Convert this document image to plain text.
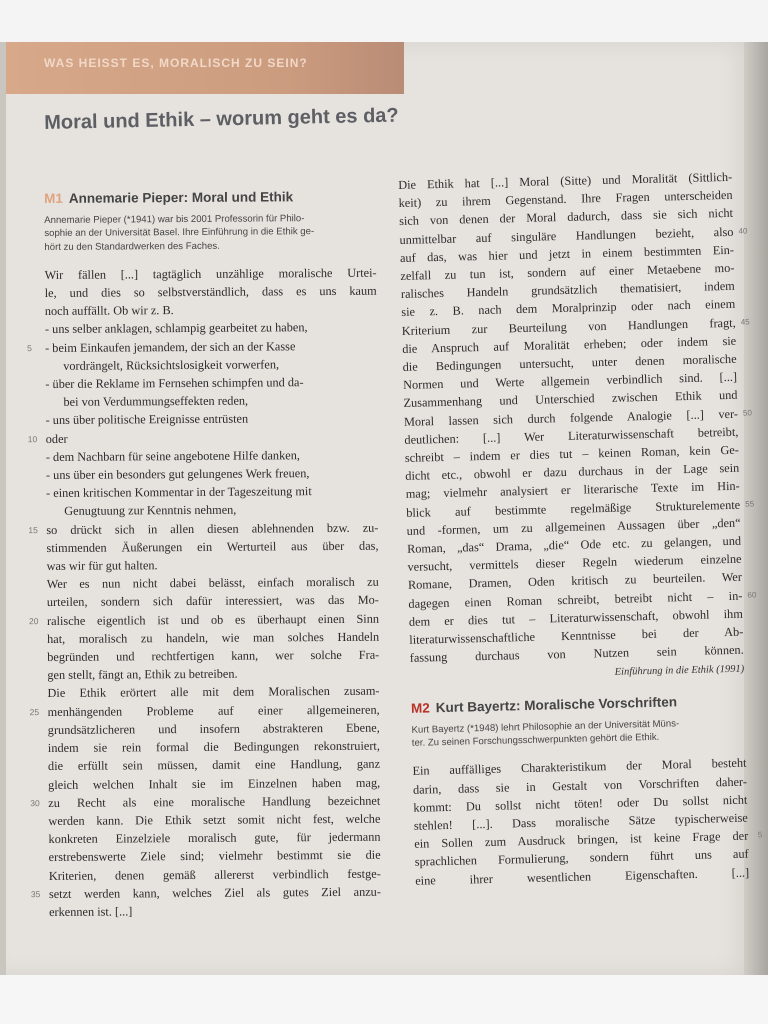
WAS HEISST ES, MORALISCH ZU SEIN?
Moral und Ethik – worum geht es da?
M1 Annemarie Pieper: Moral und Ethik
Annemarie Pieper (*1941) war bis 2001 Professorin für Philo-
sophie an der Universität Basel. Ihre Einführung in die Ethik ge-
hört zu den Standardwerken des Faches.
Wir fällen [...] tagtäglich unzählige moralische Urtei-
le, und dies so selbstverständlich, dass es uns kaum
noch auffällt. Ob wir z. B.
- uns selber anklagen, schlampig gearbeitet zu haben,
- beim Einkaufen jemandem, der sich an der Kasse
5
vordrängelt, Rücksichtslosigkeit vorwerfen,
- über die Reklame im Fernsehen schimpfen und da-
bei von Verdummungseffekten reden,
- uns über politische Ereignisse entrüsten
oder
10
- dem Nachbarn für seine angebotene Hilfe danken,
- uns über ein besonders gut gelungenes Werk freuen,
- einen kritischen Kommentar in der Tageszeitung mit
Genugtuung zur Kenntnis nehmen,
so drückt sich in allen diesen ablehnenden bzw. zu-
15
stimmenden Äußerungen ein Werturteil aus über das,
was wir für gut halten.
Wer es nun nicht dabei belässt, einfach moralisch zu
urteilen, sondern sich dafür interessiert, was das Mo-
ralische eigentlich ist und ob es überhaupt einen Sinn
20
hat, moralisch zu handeln, wie man solches Handeln
begründen und rechtfertigen kann, wer solche Fra-
gen stellt, fängt an, Ethik zu betreiben.
Die Ethik erörtert alle mit dem Moralischen zusam-
menhängenden Probleme auf einer allgemeineren,
25
grundsätzlicheren und insofern abstrakteren Ebene,
indem sie rein formal die Bedingungen rekonstruiert,
die erfüllt sein müssen, damit eine Handlung, ganz
gleich welchen Inhalt sie im Einzelnen haben mag,
zu Recht als eine moralische Handlung bezeichnet
30
werden kann. Die Ethik setzt somit nicht fest, welche
konkreten Einzelziele moralisch gute, für jedermann
erstrebenswerte Ziele sind; vielmehr bestimmt sie die
Kriterien, denen gemäß allererst verbindlich festge-
setzt werden kann, welches Ziel als gutes Ziel anzu-
35
erkennen ist. [...]
Die Ethik hat [...] Moral (Sitte) und Moralität (Sittlich-
keit) zu ihrem Gegenstand. Ihre Fragen unterscheiden
sich von denen der Moral dadurch, dass sie sich nicht
unmittelbar auf singuläre Handlungen bezieht, also 40
auf das, was hier und jetzt in einem bestimmten Ein-
zelfall zu tun ist, sondern auf einer Metaebene mo-
ralisches Handeln grundsätzlich thematisiert, indem
sie z. B. nach dem Moralprinzip oder nach einem
Kriterium zur Beurteilung von Handlungen fragt, 45
die Anspruch auf Moralität erheben; oder indem sie
die Bedingungen untersucht, unter denen moralische
Normen und Werte allgemein verbindlich sind. [...]
Zusammenhang und Unterschied zwischen Ethik und
Moral lassen sich durch folgende Analogie [...] ver- 50
deutlichen: [...] Wer Literaturwissenschaft betreibt,
schreibt – indem er dies tut – keinen Roman, kein Ge-
dicht etc., obwohl er dazu durchaus in der Lage sein
mag; vielmehr analysiert er literarische Texte im Hin-
blick auf bestimmte regelmäßige Strukturelemente 55
und -formen, um zu allgemeinen Aussagen über „den“
Roman, „das“ Drama, „die“ Ode etc. zu gelangen, und
versucht, vermittels dieser Regeln wiederum einzelne
Romane, Dramen, Oden kritisch zu beurteilen. Wer
dagegen einen Roman schreibt, betreibt nicht – in- 60
dem er dies tut – Literaturwissenschaft, obwohl ihm
literaturwissenschaftliche Kenntnisse bei der Ab-
fassung durchaus von Nutzen sein können.
Einführung in die Ethik (1991)
M2 Kurt Bayertz: Moralische Vorschriften
Kurt Bayertz (*1948) lehrt Philosophie an der Universität Müns-
ter. Zu seinen Forschungsschwerpunkten gehört die Ethik.
Ein auffälliges Charakteristikum der Moral besteht
darin, dass sie in Gestalt von Vorschriften daher-
kommt: Du sollst nicht töten! oder Du sollst nicht
stehlen! [...]. Dass moralische Sätze typischerweise
ein Sollen zum Ausdruck bringen, ist keine Frage der 5
sprachlichen Formulierung, sondern führt uns auf
eine ihrer wesentlichen Eigenschaften. [...]
